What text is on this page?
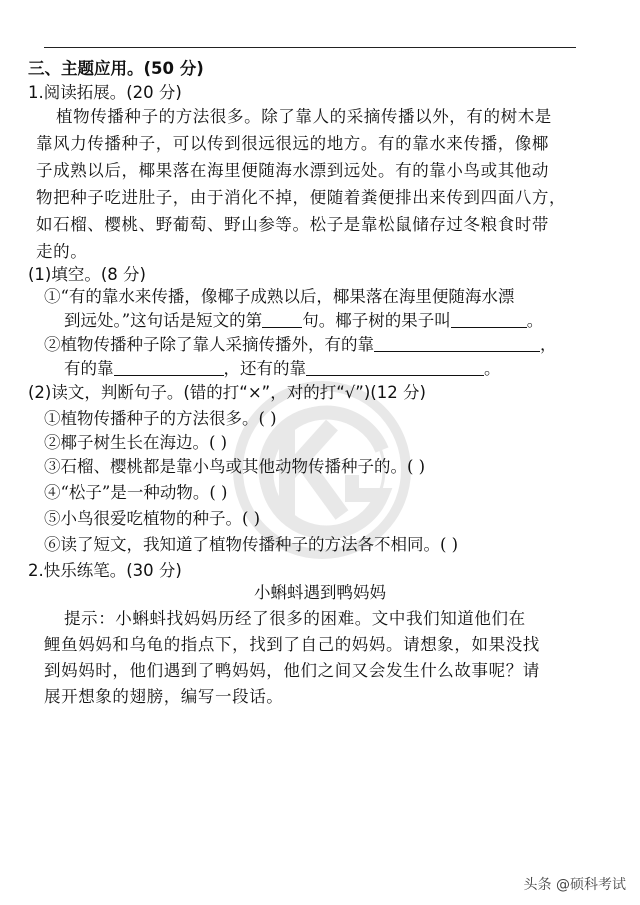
三、主题应用。(50 分)
1.阅读拓展。(20 分)
植物传播种子的方法很多。除了靠人的采摘传播以外，有的树木是
靠风力传播种子，可以传到很远很远的地方。有的靠水来传播，像椰
子成熟以后，椰果落在海里便随海水漂到远处。有的靠小鸟或其他动
物把种子吃进肚子，由于消化不掉，便随着粪便排出来传到四面八方，
如石榴、樱桃、野葡萄、野山参等。松子是靠松鼠储存过冬粮食时带
走的。
(1)填空。(8 分)
①“有的靠水来传播，像椰子成熟以后，椰果落在海里便随海水漂
到远处。”这句话是短文的第 句。椰子树的果子叫	。
②植物传播种子除了靠人采摘传播外，有的靠	，
有的靠	，还有的靠	。
(2)读文，判断句子。(错的打“×”，对的打“√”)(12 分)
①植物传播种子的方法很多。( )
②椰子树生长在海边。( )
③石榴、樱桃都是靠小鸟或其他动物传播种子的。( )
④“松子”是一种动物。( )
⑤小鸟很爱吃植物的种子。( )
⑥读了短文，我知道了植物传播种子的方法各不相同。( )
2.快乐练笔。(30 分)
小蝌蚪遇到鸭妈妈
提示：小蝌蚪找妈妈历经了很多的困难。文中我们知道他们在
鲤鱼妈妈和乌龟的指点下，找到了自己的妈妈。请想象，如果没找
到妈妈时，他们遇到了鸭妈妈，他们之间又会发生什么故事呢？请
展开想象的翅膀，编写一段话。
头条 @硕科考试
